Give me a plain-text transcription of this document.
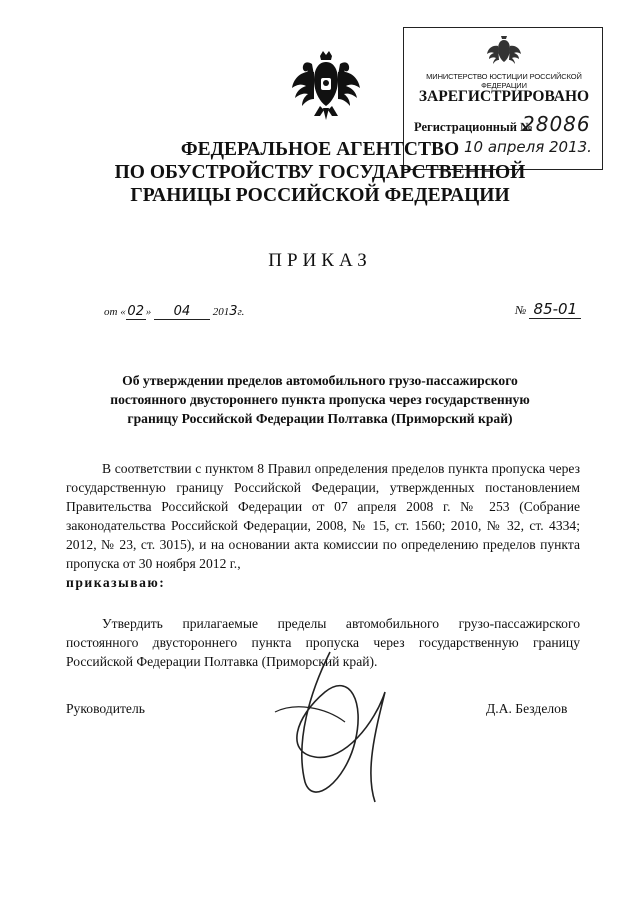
МИНИСТЕРСТВО ЮСТИЦИИ РОССИЙСКОЙ ФЕДЕРАЦИИ
ЗАРЕГИСТРИРОВАНО
Регистрационный №
28086
10 апреля 2013.
ФЕДЕРАЛЬНОЕ АГЕНТСТВО
ПО ОБУСТРОЙСТВУ ГОСУДАРСТВЕННОЙ
ГРАНИЦЫ РОССИЙСКОЙ ФЕДЕРАЦИИ
ПРИКАЗ
от « 02 » 04 2013г.	№ 85-01
Об утверждении пределов автомобильного грузо-пассажирского постоянного двустороннего пункта пропуска через государственную границу Российской Федерации Полтавка (Приморский край)
В соответствии с пунктом 8 Правил определения пределов пункта пропуска через государственную границу Российской Федерации, утвержденных постановлением Правительства Российской Федерации от 07 апреля 2008 г. № 253 (Собрание законодательства Российской Федерации, 2008, № 15, ст. 1560; 2010, № 32, ст. 4334; 2012, № 23, ст. 3015), и на основании акта комиссии по определению пределов пункта пропуска от 30 ноября 2012 г.,
приказываю:
Утвердить прилагаемые пределы автомобильного грузо-пассажирского постоянного двустороннего пункта пропуска через государственную границу Российской Федерации Полтавка (Приморский край).
Руководитель	Д.А. Безделов
